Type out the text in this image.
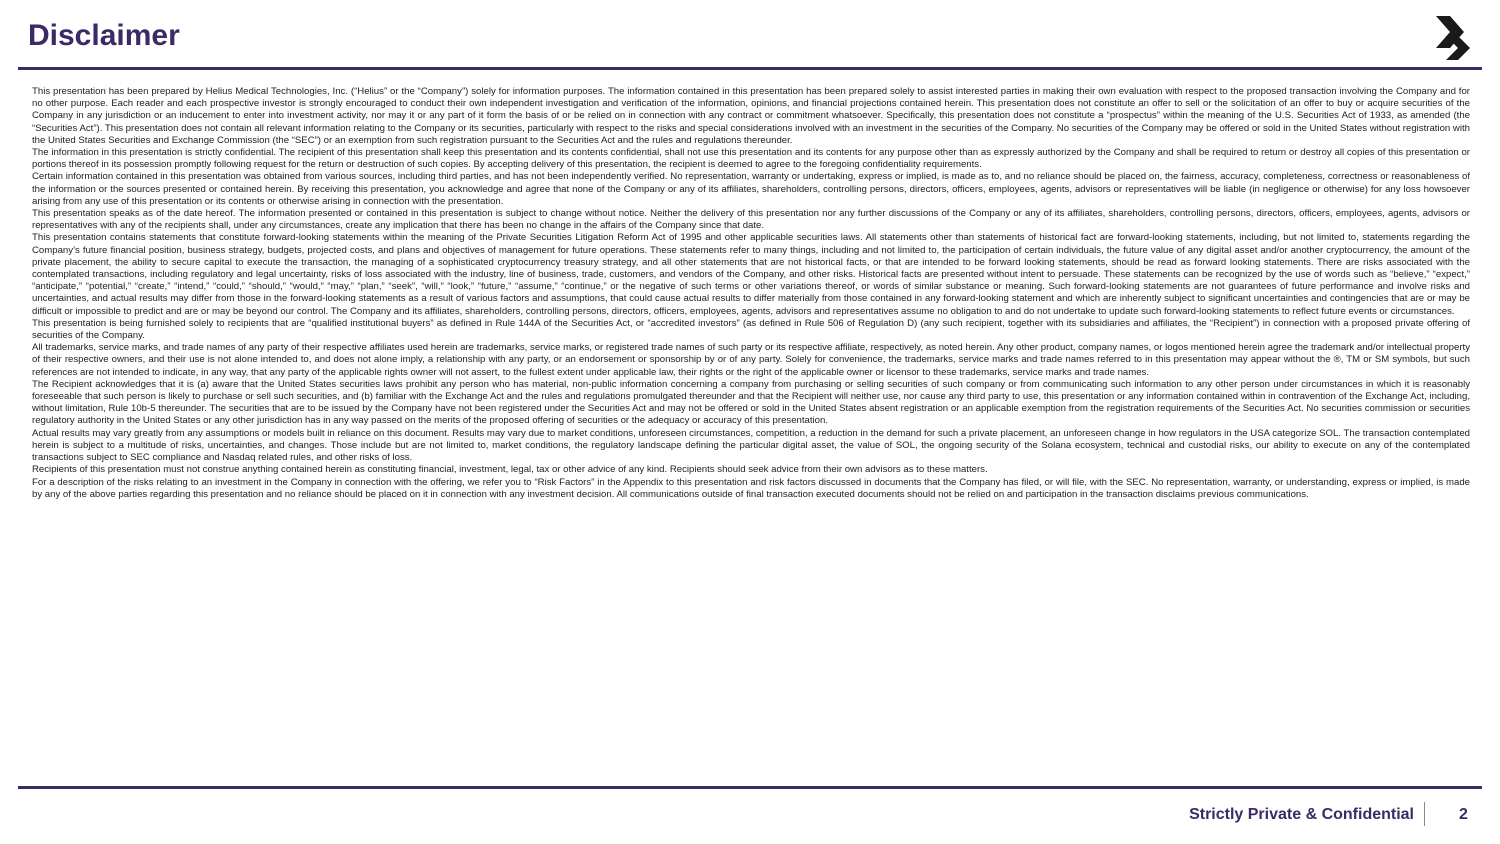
Disclaimer

This presentation has been prepared by Helius Medical Technologies, Inc. (“Helius” or the “Company”) solely for information purposes. The information contained in this presentation has been prepared solely to assist interested parties in making their own evaluation with respect to the proposed transaction involving the Company and for no other purpose. Each reader and each prospective investor is strongly encouraged to conduct their own independent investigation and verification of the information, opinions, and financial projections contained herein. This presentation does not constitute an offer to sell or the solicitation of an offer to buy or acquire securities of the Company in any jurisdiction or an inducement to enter into investment activity, nor may it or any part of it form the basis of or be relied on in connection with any contract or commitment whatsoever. Specifically, this presentation does not constitute a “prospectus” within the meaning of the U.S. Securities Act of 1933, as amended (the “Securities Act”). This presentation does not contain all relevant information relating to the Company or its securities, particularly with respect to the risks and special considerations involved with an investment in the securities of the Company. No securities of the Company may be offered or sold in the United States without registration with the United States Securities and Exchange Commission (the “SEC”) or an exemption from such registration pursuant to the Securities Act and the rules and regulations thereunder.

The information in this presentation is strictly confidential. The recipient of this presentation shall keep this presentation and its contents confidential, shall not use this presentation and its contents for any purpose other than as expressly authorized by the Company and shall be required to return or destroy all copies of this presentation or portions thereof in its possession promptly following request for the return or destruction of such copies. By accepting delivery of this presentation, the recipient is deemed to agree to the foregoing confidentiality requirements.

Certain information contained in this presentation was obtained from various sources, including third parties, and has not been independently verified. No representation, warranty or undertaking, express or implied, is made as to, and no reliance should be placed on, the fairness, accuracy, completeness, correctness or reasonableness of the information or the sources presented or contained herein. By receiving this presentation, you acknowledge and agree that none of the Company or any of its affiliates, shareholders, controlling persons, directors, officers, employees, agents, advisors or representatives will be liable (in negligence or otherwise) for any loss howsoever arising from any use of this presentation or its contents or otherwise arising in connection with the presentation.

This presentation speaks as of the date hereof. The information presented or contained in this presentation is subject to change without notice. Neither the delivery of this presentation nor any further discussions of the Company or any of its affiliates, shareholders, controlling persons, directors, officers, employees, agents, advisors or representatives with any of the recipients shall, under any circumstances, create any implication that there has been no change in the affairs of the Company since that date.

This presentation contains statements that constitute forward-looking statements within the meaning of the Private Securities Litigation Reform Act of 1995 and other applicable securities laws. All statements other than statements of historical fact are forward-looking statements, including, but not limited to, statements regarding the Company’s future financial position, business strategy, budgets, projected costs, and plans and objectives of management for future operations. These statements refer to many things, including and not limited to, the participation of certain individuals, the future value of any digital asset and/or another cryptocurrency, the amount of the private placement, the ability to secure capital to execute the transaction, the managing of a sophisticated cryptocurrency treasury strategy, and all other statements that are not historical facts, or that are intended to be forward looking statements, should be read as forward looking statements. There are risks associated with the contemplated transactions, including regulatory and legal uncertainty, risks of loss associated with the industry, line of business, trade, customers, and vendors of the Company, and other risks. Historical facts are presented without intent to persuade. These statements can be recognized by the use of words such as “believe,” “expect,” “anticipate,” “potential,” “create,” “intend,” “could,” “should,” “would,” “may,” “plan,” “seek”, “will,” “look,” “future,” “assume,” “continue,” or the negative of such terms or other variations thereof, or words of similar substance or meaning. Such forward-looking statements are not guarantees of future performance and involve risks and uncertainties, and actual results may differ from those in the forward-looking statements as a result of various factors and assumptions, that could cause actual results to differ materially from those contained in any forward-looking statement and which are inherently subject to significant uncertainties and contingencies that are or may be difficult or impossible to predict and are or may be beyond our control. The Company and its affiliates, shareholders, controlling persons, directors, officers, employees, agents, advisors and representatives assume no obligation to and do not undertake to update such forward-looking statements to reflect future events or circumstances.

This presentation is being furnished solely to recipients that are “qualified institutional buyers” as defined in Rule 144A of the Securities Act, or “accredited investors” (as defined in Rule 506 of Regulation D) (any such recipient, together with its subsidiaries and affiliates, the “Recipient”) in connection with a proposed private offering of securities of the Company.

All trademarks, service marks, and trade names of any party of their respective affiliates used herein are trademarks, service marks, or registered trade names of such party or its respective affiliate, respectively, as noted herein. Any other product, company names, or logos mentioned herein agree the trademark and/or intellectual property of their respective owners, and their use is not alone intended to, and does not alone imply, a relationship with any party, or an endorsement or sponsorship by or of any party. Solely for convenience, the trademarks, service marks and trade names referred to in this presentation may appear without the ®, TM or SM symbols, but such references are not intended to indicate, in any way, that any party of the applicable rights owner will not assert, to the fullest extent under applicable law, their rights or the right of the applicable owner or licensor to these trademarks, service marks and trade names.

The Recipient acknowledges that it is (a) aware that the United States securities laws prohibit any person who has material, non-public information concerning a company from purchasing or selling securities of such company or from communicating such information to any other person under circumstances in which it is reasonably foreseeable that such person is likely to purchase or sell such securities, and (b) familiar with the Exchange Act and the rules and regulations promulgated thereunder and that the Recipient will neither use, nor cause any third party to use, this presentation or any information contained within in contravention of the Exchange Act, including, without limitation, Rule 10b-5 thereunder. The securities that are to be issued by the Company have not been registered under the Securities Act and may not be offered or sold in the United States absent registration or an applicable exemption from the registration requirements of the Securities Act. No securities commission or securities regulatory authority in the United States or any other jurisdiction has in any way passed on the merits of the proposed offering of securities or the adequacy or accuracy of this presentation.

Actual results may vary greatly from any assumptions or models built in reliance on this document. Results may vary due to market conditions, unforeseen circumstances, competition, a reduction in the demand for such a private placement, an unforeseen change in how regulators in the USA categorize SOL. The transaction contemplated herein is subject to a multitude of risks, uncertainties, and changes. Those include but are not limited to, market conditions, the regulatory landscape defining the particular digital asset, the value of SOL, the ongoing security of the Solana ecosystem, technical and custodial risks, our ability to execute on any of the contemplated transactions subject to SEC compliance and Nasdaq related rules, and other risks of loss.

Recipients of this presentation must not construe anything contained herein as constituting financial, investment, legal, tax or other advice of any kind. Recipients should seek advice from their own advisors as to these matters.

For a description of the risks relating to an investment in the Company in connection with the offering, we refer you to “Risk Factors” in the Appendix to this presentation and risk factors discussed in documents that the Company has filed, or will file, with the SEC. No representation, warranty, or understanding, express or implied, is made by any of the above parties regarding this presentation and no reliance should be placed on it in connection with any investment decision. All communications outside of final transaction executed documents should not be relied on and participation in the transaction disclaims previous communications.

Strictly Private & Confidential	2
